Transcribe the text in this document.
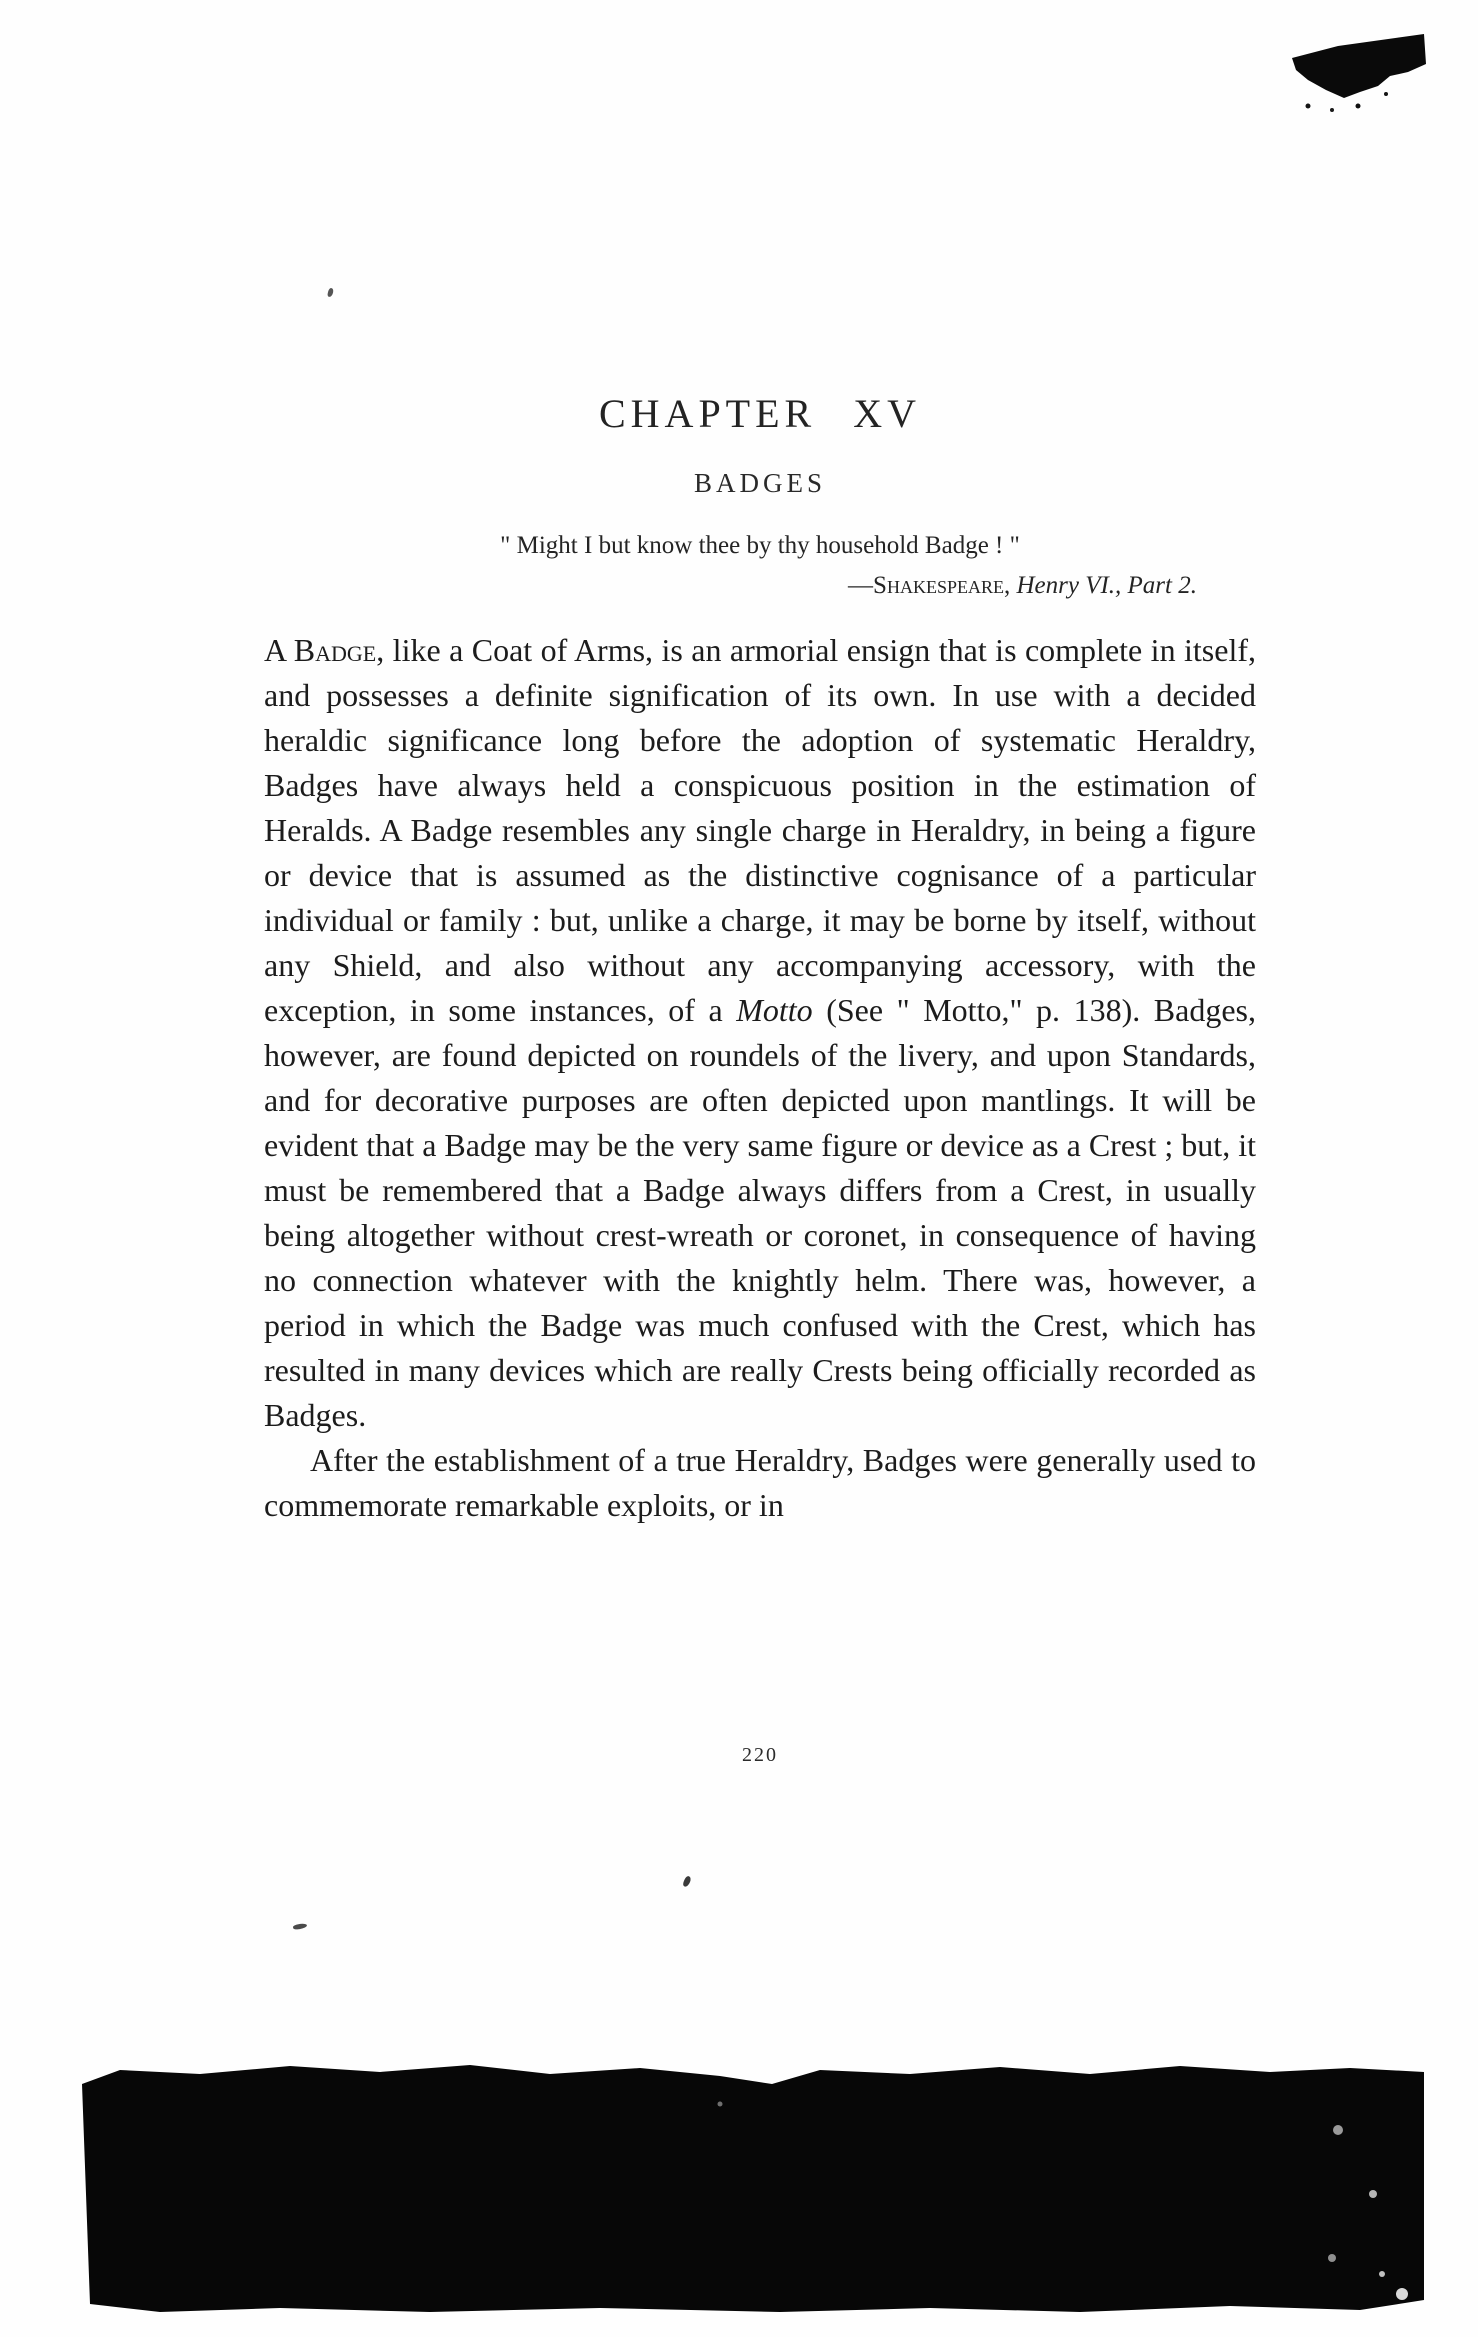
CHAPTER XV
BADGES
" Might I but know thee by thy household Badge ! "
—Shakespeare, Henry VI., Part 2.

A Badge, like a Coat of Arms, is an armorial ensign that is complete in itself, and possesses a definite signification of its own. In use with a decided heraldic significance long before the adoption of systematic Heraldry, Badges have always held a conspicuous position in the estimation of Heralds. A Badge resembles any single charge in Heraldry, in being a figure or device that is assumed as the distinctive cognisance of a particular individual or family : but, unlike a charge, it may be borne by itself, without any Shield, and also without any accompanying accessory, with the exception, in some instances, of a Motto (See " Motto," p. 138). Badges, however, are found depicted on roundels of the livery, and upon Standards, and for decorative purposes are often depicted upon mantlings. It will be evident that a Badge may be the very same figure or device as a Crest ; but, it must be remembered that a Badge always differs from a Crest, in usually being altogether without crest-wreath or coronet, in consequence of having no connection whatever with the knightly helm. There was, however, a period in which the Badge was much confused with the Crest, which has resulted in many devices which are really Crests being officially recorded as Badges.

After the establishment of a true Heraldry, Badges were generally used to commemorate remarkable exploits, or in

220
